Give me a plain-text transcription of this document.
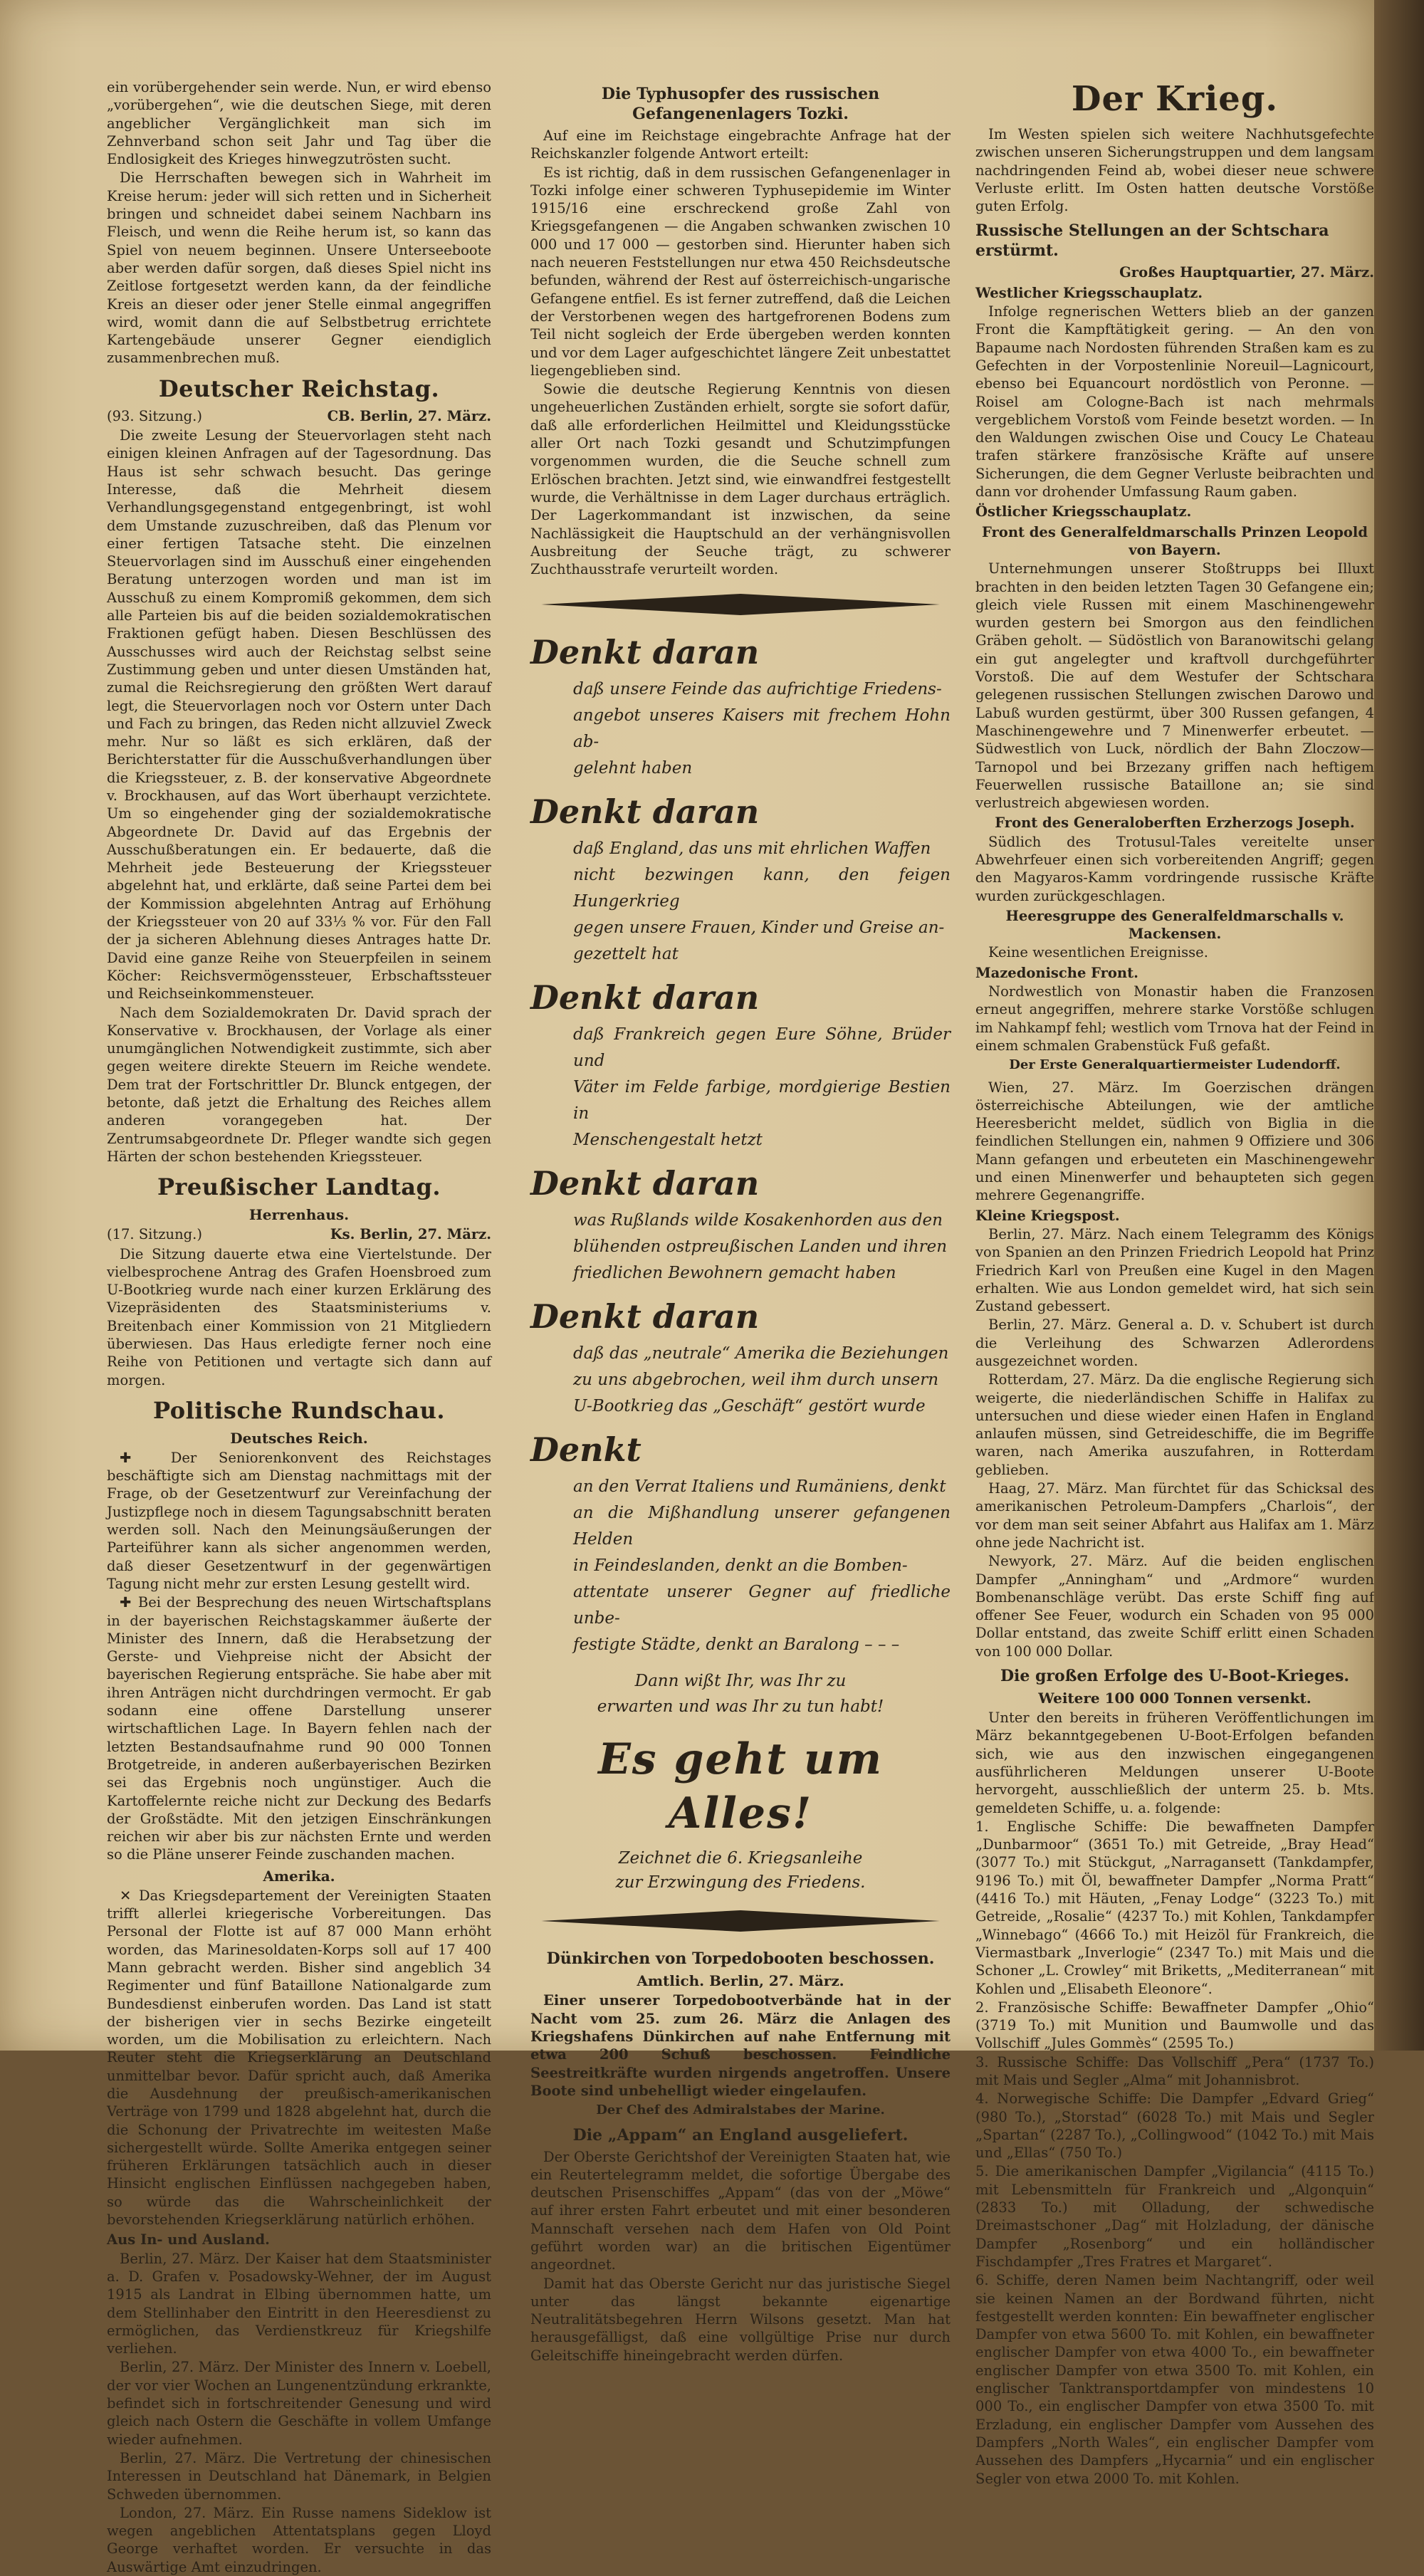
ein vorübergehender sein werde. Nun, er wird ebenso „vorübergehen“, wie die deutschen Siege, mit deren angeblicher Vergänglichkeit man sich im Zehnverband schon seit Jahr und Tag über die Endlosigkeit des Krieges hinwegzutrösten sucht.

Die Herrschaften bewegen sich in Wahrheit im Kreise herum: jeder will sich retten und in Sicherheit bringen und schneidet dabei seinem Nachbarn ins Fleisch, und wenn die Reihe herum ist, so kann das Spiel von neuem beginnen. Unsere Unterseeboote aber werden dafür sorgen, daß dieses Spiel nicht ins Zeitlose fortgesetzt werden kann, da der feindliche Kreis an dieser oder jener Stelle einmal angegriffen wird, womit dann die auf Selbstbetrug errichtete Kartengebäude unserer Gegner eiendiglich zusammenbrechen muß.

Deutscher Reichstag.
(93. Sitzung.)	CB. Berlin, 27. März.

Die zweite Lesung der Steuervorlagen steht nach einigen kleinen Anfragen auf der Tagesordnung. Das Haus ist sehr schwach besucht. Das geringe Interesse, daß die Mehrheit diesem Verhandlungsgegenstand entgegenbringt, ist wohl dem Umstande zuzuschreiben, daß das Plenum vor einer fertigen Tatsache steht. Die einzelnen Steuervorlagen sind im Ausschuß einer eingehenden Beratung unterzogen worden und man ist im Ausschuß zu einem Kompromiß gekommen, dem sich alle Parteien bis auf die beiden sozialdemokratischen Fraktionen gefügt haben. Diesen Beschlüssen des Ausschusses wird auch der Reichstag selbst seine Zustimmung geben und unter diesen Umständen hat, zumal die Reichsregierung den größten Wert darauf legt, die Steuervorlagen noch vor Ostern unter Dach und Fach zu bringen, das Reden nicht allzuviel Zweck mehr. Nur so läßt es sich erklären, daß der Berichterstatter für die Ausschußverhandlungen über die Kriegssteuer, z. B. der konservative Abgeordnete v. Brockhausen, auf das Wort überhaupt verzichtete. Um so eingehender ging der sozialdemokratische Abgeordnete Dr. David auf das Ergebnis der Ausschußberatungen ein. Er bedauerte, daß die Mehrheit jede Besteuerung der Kriegssteuer abgelehnt hat, und erklärte, daß seine Partei dem bei der Kommission abgelehnten Antrag auf Erhöhung der Kriegssteuer von 20 auf 33⅓ % vor. Für den Fall der ja sicheren Ablehnung dieses Antrages hatte Dr. David eine ganze Reihe von Steuerpfeilen in seinem Köcher: Reichsvermögenssteuer, Erbschaftssteuer und Reichseinkommensteuer.

Nach dem Sozialdemokraten Dr. David sprach der Konservative v. Brockhausen, der Vorlage als einer unumgänglichen Notwendigkeit zustimmte, sich aber gegen weitere direkte Steuern im Reiche wendete. Dem trat der Fortschrittler Dr. Blunck entgegen, der betonte, daß jetzt die Erhaltung des Reiches allem anderen vorangegeben hat. Der Zentrumsabgeordnete Dr. Pfleger wandte sich gegen Härten der schon bestehenden Kriegssteuer.

Preußischer Landtag.
Herrenhaus.
(17. Sitzung.)	Ks. Berlin, 27. März.

Die Sitzung dauerte etwa eine Viertelstunde. Der vielbesprochene Antrag des Grafen Hoensbroed zum U-Bootkrieg wurde nach einer kurzen Erklärung des Vizepräsidenten des Staatsministeriums v. Breitenbach einer Kommission von 21 Mitgliedern überwiesen. Das Haus erledigte ferner noch eine Reihe von Petitionen und vertagte sich dann auf morgen.

Politische Rundschau.
Deutsches Reich.

✚ Der Seniorenkonvent des Reichstages beschäftigte sich am Dienstag nachmittags mit der Frage, ob der Gesetzentwurf zur Vereinfachung der Justizpflege noch in diesem Tagungsabschnitt beraten werden soll. Nach den Meinungsäußerungen der Parteiführer kann als sicher angenommen werden, daß dieser Gesetzentwurf in der gegenwärtigen Tagung nicht mehr zur ersten Lesung gestellt wird.

✚ Bei der Besprechung des neuen Wirtschaftsplans in der bayerischen Reichstagskammer äußerte der Minister des Innern, daß die Herabsetzung der Gerste- und Viehpreise nicht der Absicht der bayerischen Regierung entspräche. Sie habe aber mit ihren Anträgen nicht durchdringen vermocht. Er gab sodann eine offene Darstellung unserer wirtschaftlichen Lage. In Bayern fehlen nach der letzten Bestandsaufnahme rund 90 000 Tonnen Brotgetreide, in anderen außerbayerischen Bezirken sei das Ergebnis noch ungünstiger. Auch die Kartoffelernte reiche nicht zur Deckung des Bedarfs der Großstädte. Mit den jetzigen Einschränkungen reichen wir aber bis zur nächsten Ernte und werden so die Pläne unserer Feinde zuschanden machen.

Amerika.

✕ Das Kriegsdepartement der Vereinigten Staaten trifft allerlei kriegerische Vorbereitungen. Das Personal der Flotte ist auf 87 000 Mann erhöht worden, das Marinesoldaten-Korps soll auf 17 400 Mann gebracht werden. Bisher sind angeblich 34 Regimenter und fünf Bataillone Nationalgarde zum Bundesdienst einberufen worden. Das Land ist statt der bisherigen vier in sechs Bezirke eingeteilt worden, um die Mobilisation zu erleichtern. Nach Reuter steht die Kriegserklärung an Deutschland unmittelbar bevor. Dafür spricht auch, daß Amerika die Ausdehnung der preußisch-amerikanischen Verträge von 1799 und 1828 abgelehnt hat, durch die die Schonung der Privatrechte im weitesten Maße sichergestellt würde. Sollte Amerika entgegen seiner früheren Erklärungen tatsächlich auch in dieser Hinsicht englischen Einflüssen nachgegeben haben, so würde das die Wahrscheinlichkeit der bevorstehenden Kriegserklärung natürlich erhöhen.

Aus In- und Ausland.

Berlin, 27. März. Der Kaiser hat dem Staatsminister a. D. Grafen v. Posadowsky-Wehner, der im August 1915 als Landrat in Elbing übernommen hatte, um dem Stellinhaber den Eintritt in den Heeresdienst zu ermöglichen, das Verdienstkreuz für Kriegshilfe verliehen.

Berlin, 27. März. Der Minister des Innern v. Loebell, der vor vier Wochen an Lungenentzündung erkrankte, befindet sich in fortschreitender Genesung und wird gleich nach Ostern die Geschäfte in vollem Umfange wieder aufnehmen.

Berlin, 27. März. Die Vertretung der chinesischen Interessen in Deutschland hat Dänemark, in Belgien Schweden übernommen.

London, 27. März. Ein Russe namens Sideklow ist wegen angeblichen Attentatsplans gegen Lloyd George verhaftet worden. Er versuchte in das Auswärtige Amt einzudringen.

Die Typhusopfer des russischen Gefangenenlagers Tozki.

Auf eine im Reichstage eingebrachte Anfrage hat der Reichskanzler folgende Antwort erteilt:

Es ist richtig, daß in dem russischen Gefangenenlager in Tozki infolge einer schweren Typhusepidemie im Winter 1915/16 eine erschreckend große Zahl von Kriegsgefangenen — die Angaben schwanken zwischen 10 000 und 17 000 — gestorben sind. Hierunter haben sich nach neueren Feststellungen nur etwa 450 Reichsdeutsche befunden, während der Rest auf österreichisch-ungarische Gefangene entfiel. Es ist ferner zutreffend, daß die Leichen der Verstorbenen wegen des hartgefrorenen Bodens zum Teil nicht sogleich der Erde übergeben werden konnten und vor dem Lager aufgeschichtet längere Zeit unbestattet liegengeblieben sind.

Sowie die deutsche Regierung Kenntnis von diesen ungeheuerlichen Zuständen erhielt, sorgte sie sofort dafür, daß alle erforderlichen Heilmittel und Kleidungsstücke aller Ort nach Tozki gesandt und Schutzimpfungen vorgenommen wurden, die die Seuche schnell zum Erlöschen brachten. Jetzt sind, wie einwandfrei festgestellt wurde, die Verhältnisse in dem Lager durchaus erträglich. Der Lagerkommandant ist inzwischen, da seine Nachlässigkeit die Hauptschuld an der verhängnisvollen Ausbreitung der Seuche trägt, zu schwerer Zuchthausstrafe verurteilt worden.

Denkt daran
daß unsere Feinde das aufrichtige Friedens-
angebot unseres Kaisers mit frechem Hohn ab-
gelehnt haben
Denkt daran
daß England, das uns mit ehrlichen Waffen
nicht bezwingen kann, den feigen Hungerkrieg
gegen unsere Frauen, Kinder und Greise an-
gezettelt hat
Denkt daran
daß Frankreich gegen Eure Söhne, Brüder und
Väter im Felde farbige, mordgierige Bestien in
Menschengestalt hetzt
Denkt daran
was Rußlands wilde Kosakenhorden aus den
blühenden ostpreußischen Landen und ihren
friedlichen Bewohnern gemacht haben
Denkt daran
daß das „neutrale“ Amerika die Beziehungen
zu uns abgebrochen, weil ihm durch unsern
U-Bootkrieg das „Geschäft“ gestört wurde
Denkt
an den Verrat Italiens und Rumäniens, denkt
an die Mißhandlung unserer gefangenen Helden
in Feindeslanden, denkt an die Bomben-
attentate unserer Gegner auf friedliche unbe-
festigte Städte, denkt an Baralong – – –
Dann wißt Ihr, was Ihr zu
erwarten und was Ihr zu tun habt!
Es geht um Alles!
Zeichnet die 6. Kriegsanleihe
zur Erzwingung des Friedens.
Dünkirchen von Torpedobooten beschossen.
Amtlich. Berlin, 27. März.

Einer unserer Torpedobootverbände hat in der Nacht vom 25. zum 26. März die Anlagen des Kriegshafens Dünkirchen auf nahe Entfernung mit etwa 200 Schuß beschossen. Feindliche Seestreitkräfte wurden nirgends angetroffen. Unsere Boote sind unbehelligt wieder eingelaufen.

Der Chef des Admiralstabes der Marine.
Die „Appam“ an England ausgeliefert.

Der Oberste Gerichtshof der Vereinigten Staaten hat, wie ein Reutertelegramm meldet, die sofortige Übergabe des deutschen Prisenschiffes „Appam“ (das von der „Möwe“ auf ihrer ersten Fahrt erbeutet und mit einer besonderen Mannschaft versehen nach dem Hafen von Old Point geführt worden war) an die britischen Eigentümer angeordnet.

Damit hat das Oberste Gericht nur das juristische Siegel unter das längst bekannte eigenartige Neutralitätsbegehren Herrn Wilsons gesetzt. Man hat herausgefälligst, daß eine vollgültige Prise nur durch Geleitschiffe hineingebracht werden dürfen.

Der Krieg.

Im Westen spielen sich weitere Nachhutsgefechte zwischen unseren Sicherungstruppen und dem langsam nachdringenden Feind ab, wobei dieser neue schwere Verluste erlitt. Im Osten hatten deutsche Vorstöße guten Erfolg.

Russische Stellungen an der Schtschara erstürmt.
Großes Hauptquartier, 27. März.
Westlicher Kriegsschauplatz.

Infolge regnerischen Wetters blieb an der ganzen Front die Kampftätigkeit gering. — An den von Bapaume nach Nordosten führenden Straßen kam es zu Gefechten in der Vorpostenlinie Noreuil—Lagnicourt, ebenso bei Equancourt nordöstlich von Peronne. — Roisel am Cologne-Bach ist nach mehrmals vergeblichem Vorstoß vom Feinde besetzt worden. — In den Waldungen zwischen Oise und Coucy Le Chateau trafen stärkere französische Kräfte auf unsere Sicherungen, die dem Gegner Verluste beibrachten und dann vor drohender Umfassung Raum gaben.

Östlicher Kriegsschauplatz.
Front des Generalfeldmarschalls Prinzen Leopold von Bayern.

Unternehmungen unserer Stoßtrupps bei Illuxt brachten in den beiden letzten Tagen 30 Gefangene ein; gleich viele Russen mit einem Maschinengewehr wurden gestern bei Smorgon aus den feindlichen Gräben geholt. — Südöstlich von Baranowitschi gelang ein gut angelegter und kraftvoll durchgeführter Vorstoß. Die auf dem Westufer der Schtschara gelegenen russischen Stellungen zwischen Darowo und Labuß wurden gestürmt, über 300 Russen gefangen, 4 Maschinengewehre und 7 Minenwerfer erbeutet. — Südwestlich von Luck, nördlich der Bahn Zloczow—Tarnopol und bei Brzezany griffen nach heftigem Feuerwellen russische Bataillone an; sie sind verlustreich abgewiesen worden.

Front des Generaloberften Erzherzogs Joseph.

Südlich des Trotusul-Tales vereitelte unser Abwehrfeuer einen sich vorbereitenden Angriff; gegen den Magyaros-Kamm vordringende russische Kräfte wurden zurückgeschlagen.

Heeresgruppe des Generalfeldmarschalls v. Mackensen.

Keine wesentlichen Ereignisse.

Mazedonische Front.

Nordwestlich von Monastir haben die Franzosen erneut angegriffen, mehrere starke Vorstöße schlugen im Nahkampf fehl; westlich vom Trnova hat der Feind in einem schmalen Grabenstück Fuß gefaßt.

Der Erste Generalquartiermeister Ludendorff.

Wien, 27. März. Im Goerzischen drängen österreichische Abteilungen, wie der amtliche Heeresbericht meldet, südlich von Biglia in die feindlichen Stellungen ein, nahmen 9 Offiziere und 306 Mann gefangen und erbeuteten ein Maschinengewehr und einen Minenwerfer und behaupteten sich gegen mehrere Gegenangriffe.

Kleine Kriegspost.

Berlin, 27. März. Nach einem Telegramm des Königs von Spanien an den Prinzen Friedrich Leopold hat Prinz Friedrich Karl von Preußen eine Kugel in den Magen erhalten. Wie aus London gemeldet wird, hat sich sein Zustand gebessert.

Berlin, 27. März. General a. D. v. Schubert ist durch die Verleihung des Schwarzen Adlerordens ausgezeichnet worden.

Rotterdam, 27. März. Da die englische Regierung sich weigerte, die niederländischen Schiffe in Halifax zu untersuchen und diese wieder einen Hafen in England anlaufen müssen, sind Getreideschiffe, die im Begriffe waren, nach Amerika auszufahren, in Rotterdam geblieben.

Haag, 27. März. Man fürchtet für das Schicksal des amerikanischen Petroleum-Dampfers „Charlois“, der vor dem man seit seiner Abfahrt aus Halifax am 1. März ohne jede Nachricht ist.

Newyork, 27. März. Auf die beiden englischen Dampfer „Anningham“ und „Ardmore“ wurden Bombenanschläge verübt. Das erste Schiff fing auf offener See Feuer, wodurch ein Schaden von 95 000 Dollar entstand, das zweite Schiff erlitt einen Schaden von 100 000 Dollar.

Die großen Erfolge des U-Boot-Krieges.
Weitere 100 000 Tonnen versenkt.

Unter den bereits in früheren Veröffentlichungen im März bekanntgegebenen U-Boot-Erfolgen befanden sich, wie aus den inzwischen eingegangenen ausführlicheren Meldungen unserer U-Boote hervorgeht, ausschließlich der unterm 25. b. Mts. gemeldeten Schiffe, u. a. folgende:

1. Englische Schiffe: Die bewaffneten Dampfer „Dunbarmoor“ (3651 To.) mit Getreide, „Bray Head“ (3077 To.) mit Stückgut, „Narragansett (Tankdampfer, 9196 To.) mit Öl, bewaffneter Dampfer „Norma Pratt“ (4416 To.) mit Häuten, „Fenay Lodge“ (3223 To.) mit Getreide, „Rosalie“ (4237 To.) mit Kohlen, Tankdampfer „Winnebago“ (4666 To.) mit Heizöl für Frankreich, die Viermastbark „Inverlogie“ (2347 To.) mit Mais und die Schoner „L. Crowley“ mit Briketts, „Mediterranean“ mit Kohlen und „Elisabeth Eleonore“.

2. Französische Schiffe: Bewaffneter Dampfer „Ohio“ (3719 To.) mit Munition und Baumwolle und das Vollschiff „Jules Gommès“ (2595 To.)

3. Russische Schiffe: Das Vollschiff „Pera“ (1737 To.) mit Mais und Segler „Alma“ mit Johannisbrot.

4. Norwegische Schiffe: Die Dampfer „Edvard Grieg“ (980 To.), „Storstad“ (6028 To.) mit Mais und Segler „Spartan“ (2287 To.), „Collingwood“ (1042 To.) mit Mais und „Ellas“ (750 To.)

5. Die amerikanischen Dampfer „Vigilancia“ (4115 To.) mit Lebensmitteln für Frankreich und „Algonquin“ (2833 To.) mit Olladung, der schwedische Dreimastschoner „Dag“ mit Holzladung, der dänische Dampfer „Rosenborg“ und ein holländischer Fischdampfer „Tres Fratres et Margaret“.

6. Schiffe, deren Namen beim Nachtangriff, oder weil sie keinen Namen an der Bordwand führten, nicht festgestellt werden konnten: Ein bewaffneter englischer Dampfer von etwa 5600 To. mit Kohlen, ein bewaffneter englischer Dampfer von etwa 4000 To., ein bewaffneter englischer Dampfer von etwa 3500 To. mit Kohlen, ein englischer Tanktransportdampfer von mindestens 10 000 To., ein englischer Dampfer von etwa 3500 To. mit Erzladung, ein englischer Dampfer vom Aussehen des Dampfers „North Wales“, ein englischer Dampfer vom Aussehen des Dampfers „Hycarnia“ und ein englischer Segler von etwa 2000 To. mit Kohlen.
